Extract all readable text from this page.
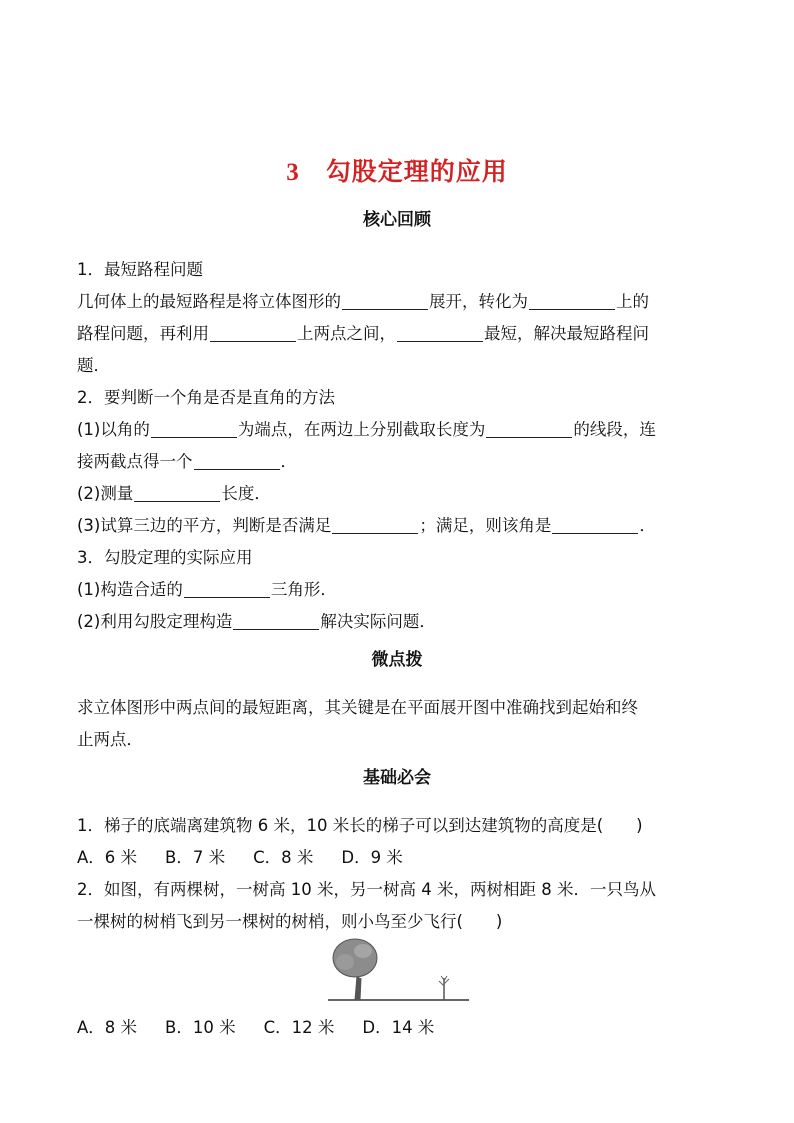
3 勾股定理的应用
核心回顾
1．最短路程问题
几何体上的最短路程是将立体图形的	展开，转化为	上的
路程问题，再利用	上两点之间，	最短，解决最短路程问
题．
2．要判断一个角是否是直角的方法
(1)以角的	为端点，在两边上分别截取长度为	的线段，连
接两截点得一个	．
(2)测量	长度．
(3)试算三边的平方，判断是否满足	；满足，则该角是	．
3．勾股定理的实际应用
(1)构造合适的	三角形．
(2)利用勾股定理构造	解决实际问题．
微点拨
求立体图形中两点间的最短距离，其关键是在平面展开图中准确找到起始和终
止两点．
基础必会
1．梯子的底端离建筑物 6 米，10 米长的梯子可以到达建筑物的高度是(　　)
A．6 米 B．7 米 C．8 米 D．9 米
2．如图，有两棵树，一树高 10 米，另一树高 4 米，两树相距 8 米．一只鸟从
一棵树的树梢飞到另一棵树的树梢，则小鸟至少飞行(　　)
A．8 米 B．10 米 C．12 米 D．14 米
